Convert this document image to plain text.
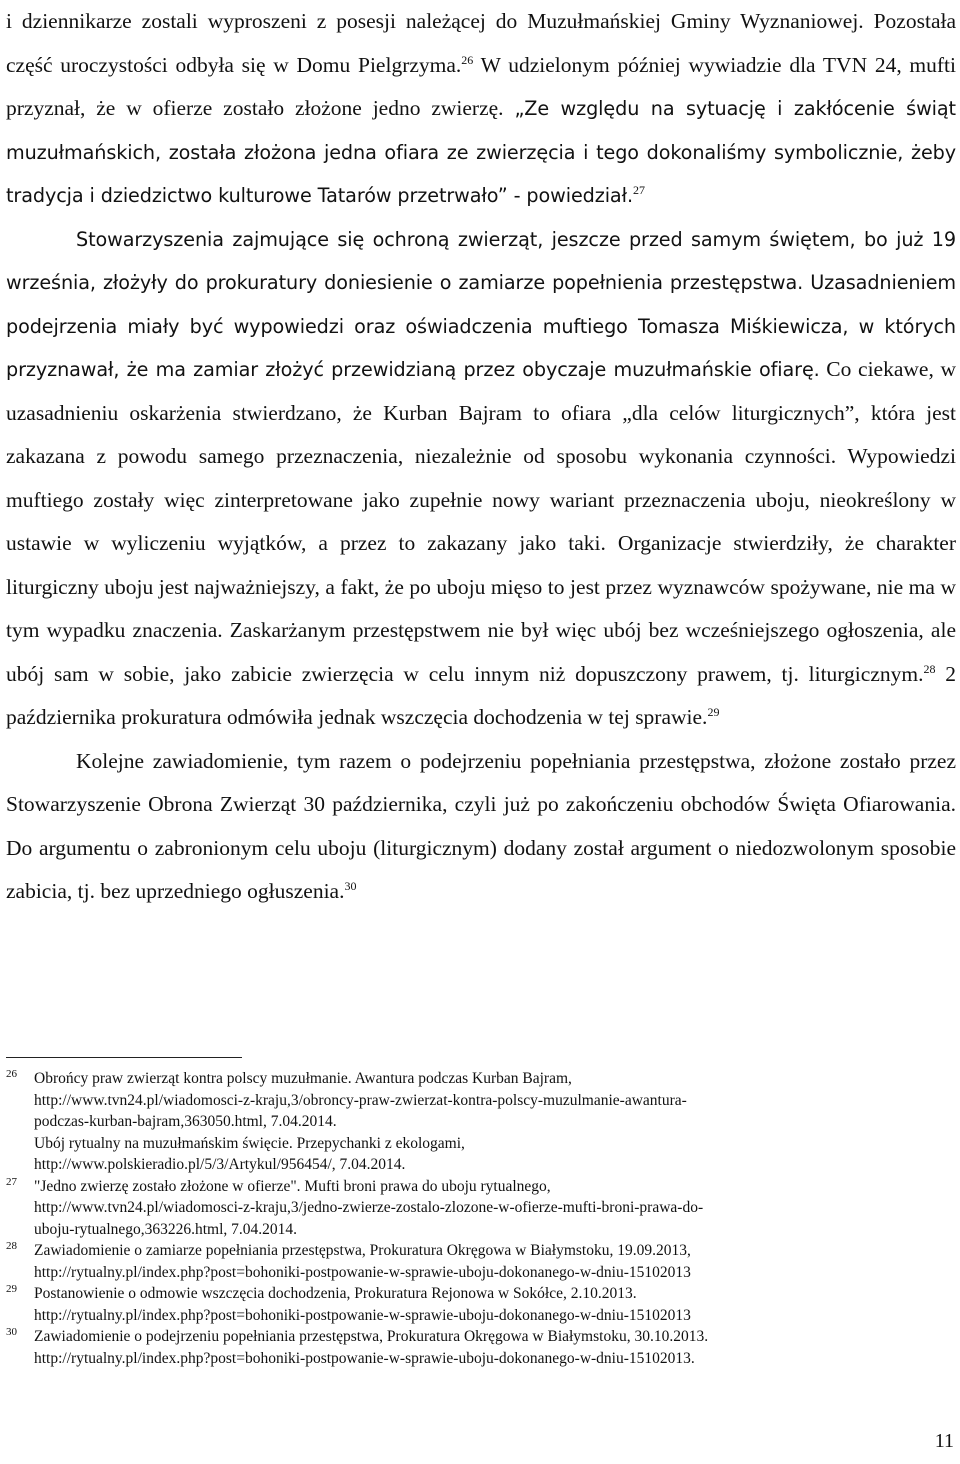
i dziennikarze zostali wyproszeni z posesji należącej do Muzułmańskiej Gminy Wyznaniowej. Pozostała część uroczystości odbyła się w Domu Pielgrzyma.$^{26}$ W udzielonym później wywiadzie dla TVN 24, mufti przyznał, że w ofierze zostało złożone jedno zwierzę. „Ze względu na sytuację i zakłócenie świąt muzułmańskich, została złożona jedna ofiara ze zwierzęcia i tego dokonaliśmy symbolicznie, żeby tradycja i dziedzictwo kulturowe Tatarów przetrwało” - powiedział.$^{27}$

Stowarzyszenia zajmujące się ochroną zwierząt, jeszcze przed samym świętem, bo już 19 września, złożyły do prokuratury doniesienie o zamiarze popełnienia przestępstwa. Uzasadnieniem podejrzenia miały być wypowiedzi oraz oświadczenia muftiego Tomasza Miśkiewicza, w których przyznawał, że ma zamiar złożyć przewidzianą przez obyczaje muzułmańskie ofiarę. Co ciekawe, w uzasadnieniu oskarżenia stwierdzano, że Kurban Bajram to ofiara „dla celów liturgicznych”, która jest zakazana z powodu samego przeznaczenia, niezależnie od sposobu wykonania czynności. Wypowiedzi muftiego zostały więc zinterpretowane jako zupełnie nowy wariant przeznaczenia uboju, nieokreślony w ustawie w wyliczeniu wyjątków, a przez to zakazany jako taki. Organizacje stwierdziły, że charakter liturgiczny uboju jest najważniejszy, a fakt, że po uboju mięso to jest przez wyznawców spożywane, nie ma w tym wypadku znaczenia. Zaskarżanym przestępstwem nie był więc ubój bez wcześniejszego ogłoszenia, ale ubój sam w sobie, jako zabicie zwierzęcia w celu innym niż dopuszczony prawem, tj. liturgicznym.$^{28}$ 2 października prokuratura odmówiła jednak wszczęcia dochodzenia w tej sprawie.$^{29}$

Kolejne zawiadomienie, tym razem o podejrzeniu popełniania przestępstwa, złożone zostało przez Stowarzyszenie Obrona Zwierząt 30 października, czyli już po zakończeniu obchodów Święta Ofiarowania. Do argumentu o zabronionym celu uboju (liturgicznym) dodany został argument o niedozwolonym sposobie zabicia, tj. bez uprzedniego ogłuszenia.$^{30}$

26 Obrońcy praw zwierząt kontra polscy muzułmanie. Awantura podczas Kurban Bajram,
http://www.tvn24.pl/wiadomosci-z-kraju,3/obroncy-praw-zwierzat-kontra-polscy-muzulmanie-awantura-
podczas-kurban-bajram,363050.html, 7.04.2014.
Ubój rytualny na muzułmańskim święcie. Przepychanki z ekologami,
http://www.polskieradio.pl/5/3/Artykul/956454/, 7.04.2014.
27 "Jedno zwierzę zostało złożone w ofierze". Mufti broni prawa do uboju rytualnego,
http://www.tvn24.pl/wiadomosci-z-kraju,3/jedno-zwierze-zostalo-zlozone-w-ofierze-mufti-broni-prawa-do-
uboju-rytualnego,363226.html, 7.04.2014.
28 Zawiadomienie o zamiarze popełniania przestępstwa, Prokuratura Okręgowa w Białymstoku, 19.09.2013,
http://rytualny.pl/index.php?post=bohoniki-postpowanie-w-sprawie-uboju-dokonanego-w-dniu-15102013
29 Postanowienie o odmowie wszczęcia dochodzenia, Prokuratura Rejonowa w Sokółce, 2.10.2013.
http://rytualny.pl/index.php?post=bohoniki-postpowanie-w-sprawie-uboju-dokonanego-w-dniu-15102013
30 Zawiadomienie o podejrzeniu popełniania przestępstwa, Prokuratura Okręgowa w Białymstoku, 30.10.2013.
http://rytualny.pl/index.php?post=bohoniki-postpowanie-w-sprawie-uboju-dokonanego-w-dniu-15102013.
11
